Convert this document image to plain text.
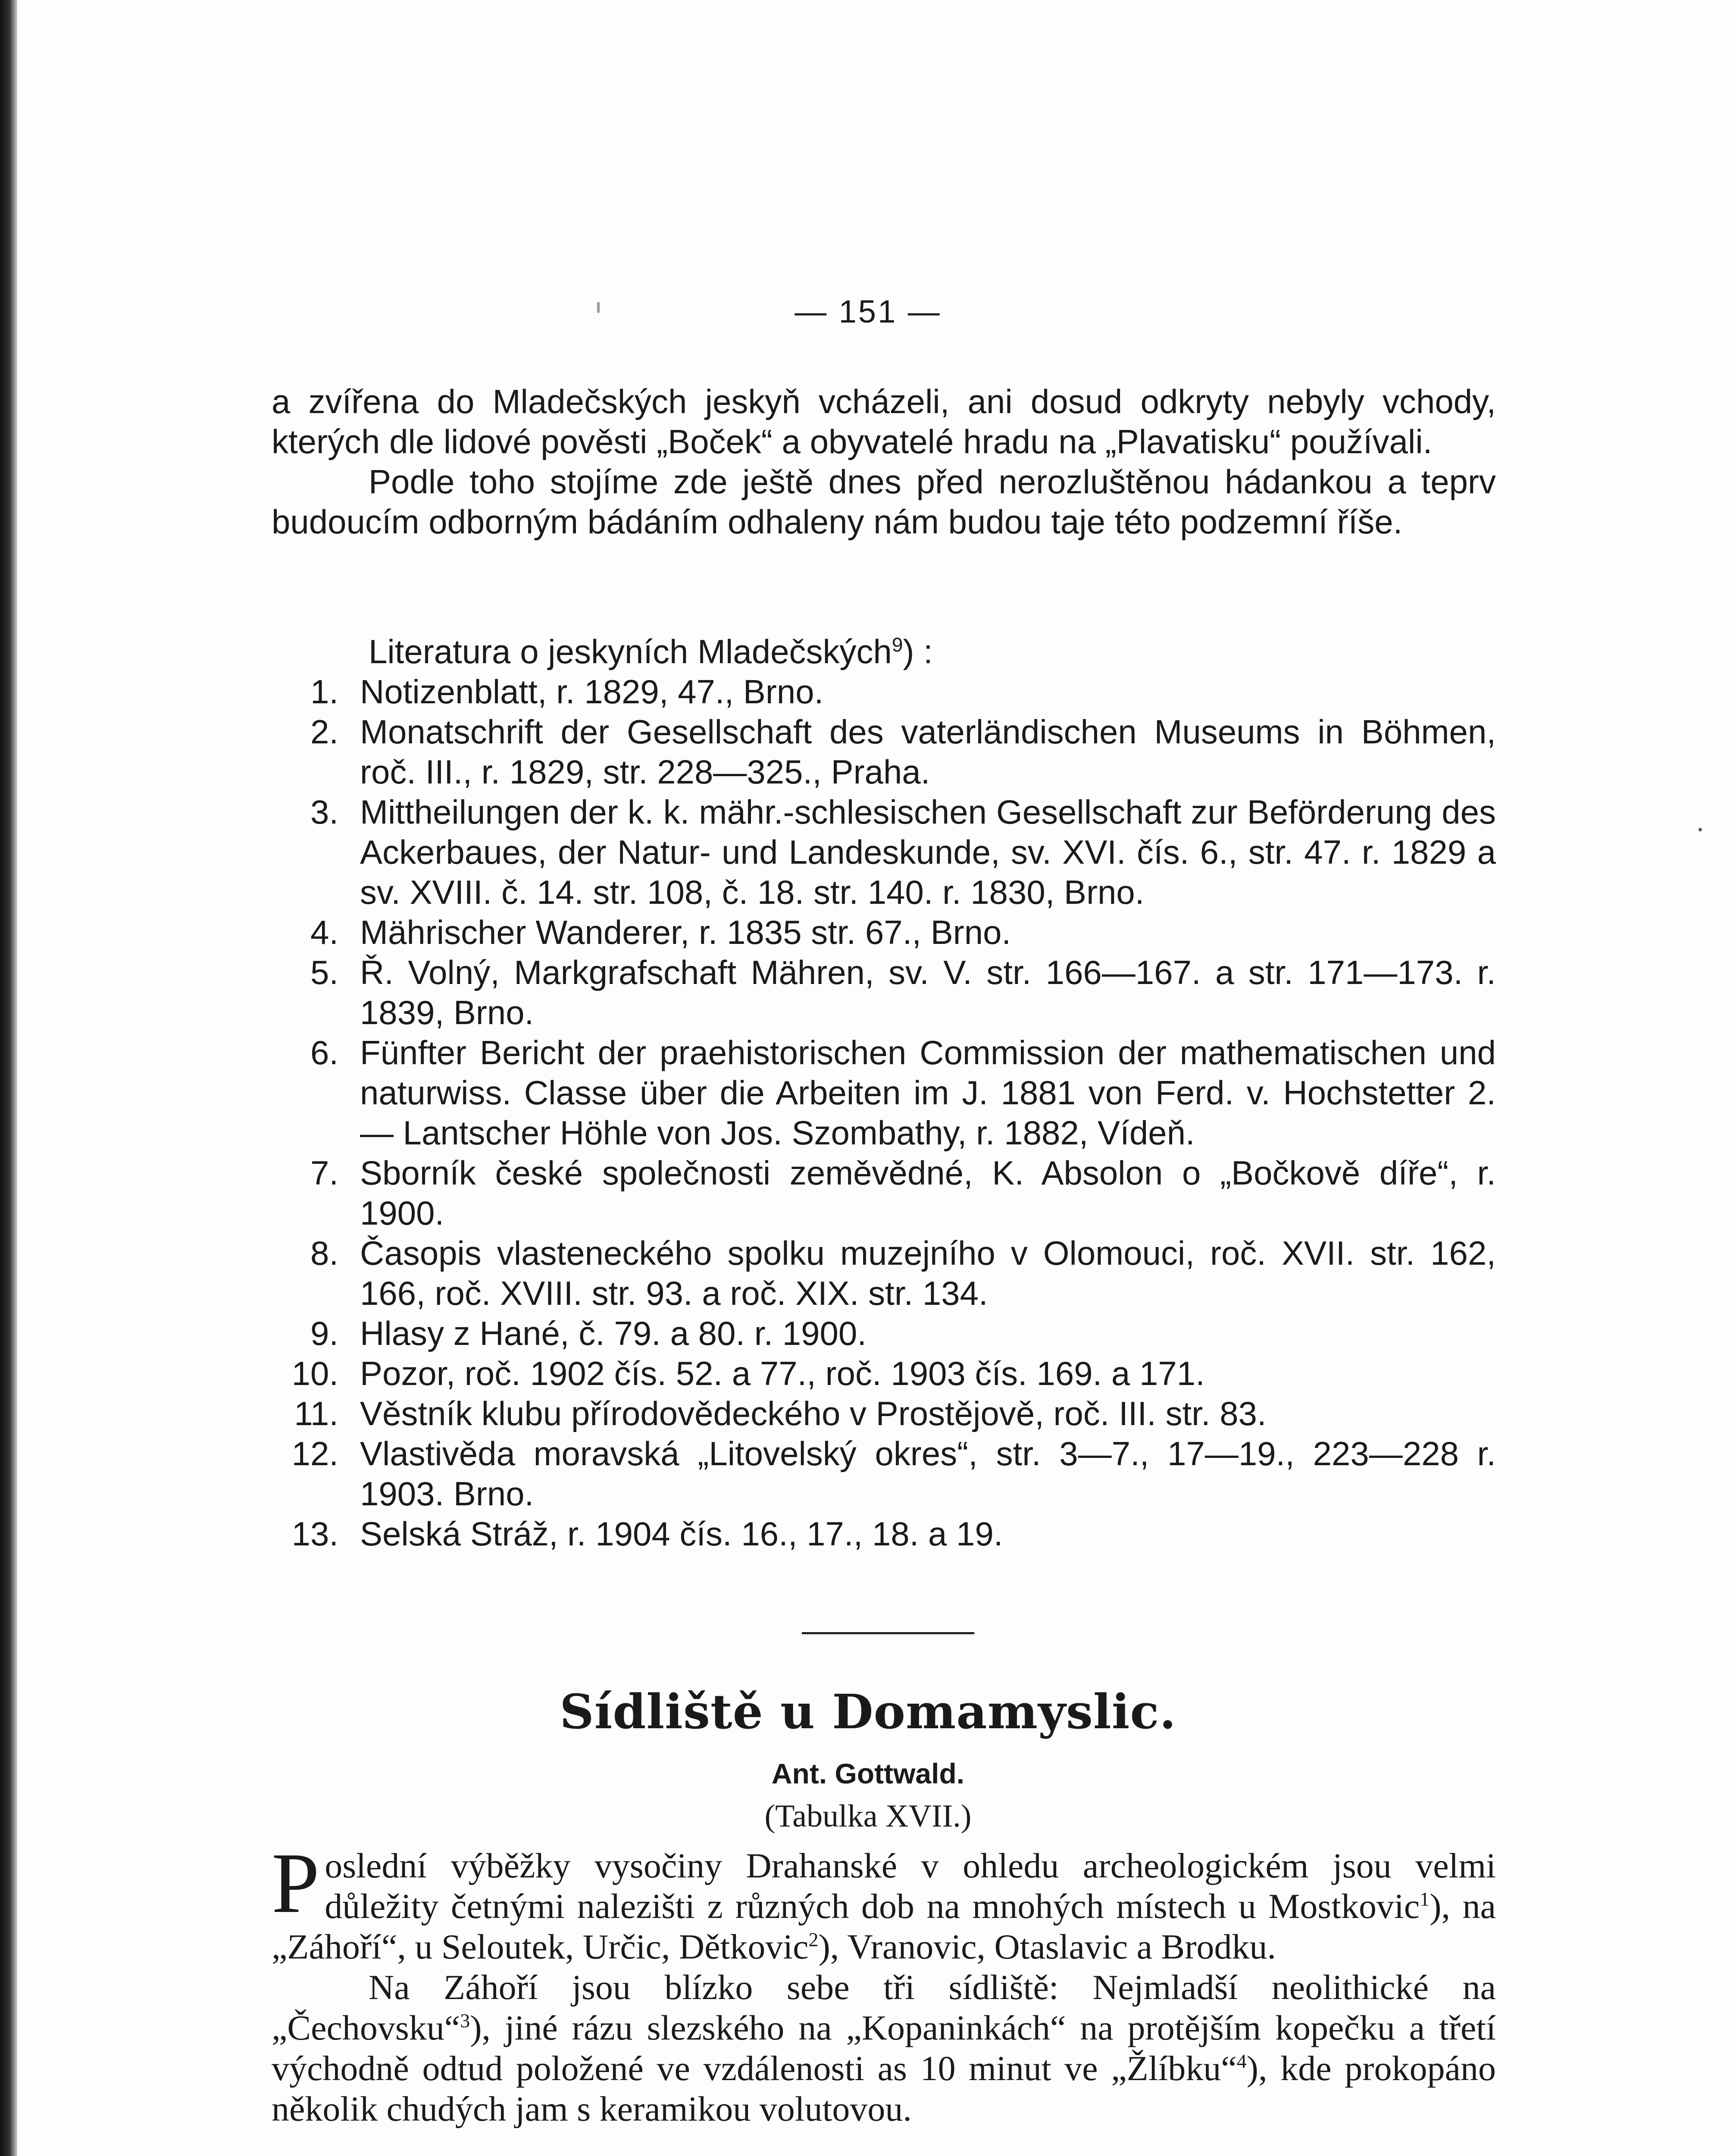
— 151 —

a zvířena do Mladečských jeskyň vcházeli, ani dosud odkryty nebyly vchody, kterých dle lidové pověsti „Boček“ a obyvatelé hradu na „Plavatisku“ používali.

Podle toho stojíme zde ještě dnes před nerozluštěnou hádankou a teprv budoucím odborným bádáním odhaleny nám budou taje této podzemní říše.

Literatura o jeskyních Mladečských$^9$) :

1. Notizenblatt, r. 1829, 47., Brno.
2. Monatschrift der Gesellschaft des vaterländischen Museums in Böhmen, roč. III., r. 1829, str. 228—325., Praha.
3. Mittheilungen der k. k. mähr.-schlesischen Gesellschaft zur Beförderung des Ackerbaues, der Natur- und Landeskunde, sv. XVI. čís. 6., str. 47. r. 1829 a sv. XVIII. č. 14. str. 108, č. 18. str. 140. r. 1830, Brno.
4. Mährischer Wanderer, r. 1835 str. 67., Brno.
5. Ř. Volný, Markgrafschaft Mähren, sv. V. str. 166—167. a str. 171—173. r. 1839, Brno.
6. Fünfter Bericht der praehistorischen Commission der mathematischen und naturwiss. Classe über die Arbeiten im J. 1881 von Ferd. v. Hochstetter 2. — Lantscher Höhle von Jos. Szombathy, r. 1882, Vídeň.
7. Sborník české společnosti zeměvědné, K. Absolon o „Bočkově díře“, r. 1900.
8. Časopis vlasteneckého spolku muzejního v Olomouci, roč. XVII. str. 162, 166, roč. XVIII. str. 93. a roč. XIX. str. 134.
9. Hlasy z Hané, č. 79. a 80. r. 1900.
10. Pozor, roč. 1902 čís. 52. a 77., roč. 1903 čís. 169. a 171.
11. Věstník klubu přírodovědeckého v Prostějově, roč. III. str. 83.
12. Vlastivěda moravská „Litovelský okres“, str. 3—7., 17—19., 223—228 r. 1903. Brno.
13. Selská Stráž, r. 1904 čís. 16., 17., 18. a 19.
Sídliště u Domamyslic.
Ant. Gottwald.
(Tabulka XVII.)

Poslední výběžky vysočiny Drahanské v ohledu archeologickém jsou velmi důležity četnými nalezišti z různých dob na mnohých místech u Mostkovic$^1$), na „Záhoří“, u Seloutek, Určic, Dětkovic$^2$), Vranovic, Otaslavic a Brodku.

Na Záhoří jsou blízko sebe tři sídliště: Nejmladší neolithické na „Čechovsku“$^3$), jiné rázu slezského na „Kopaninkách“ na protějším kopečku a třetí východně odtud položené ve vzdálenosti as 10 minut ve „Žlíbku“$^4$), kde prokopáno několik chudých jam s keramikou volutovou.
